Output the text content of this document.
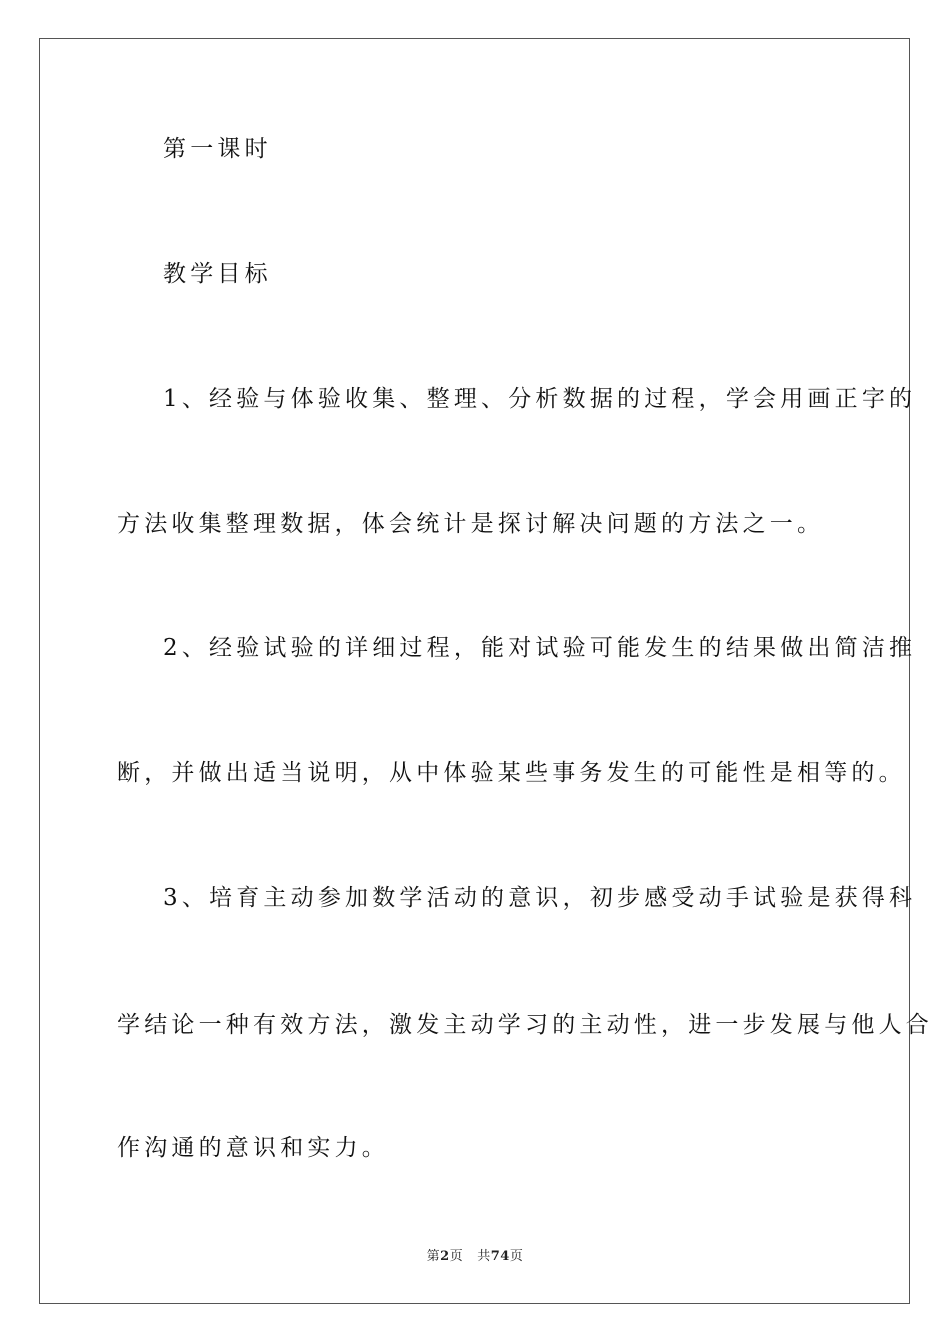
第一课时
教学目标
1、经验与体验收集、整理、分析数据的过程，学会用画正字的
方法收集整理数据，体会统计是探讨解决问题的方法之一。
2、经验试验的详细过程，能对试验可能发生的结果做出简洁推
断，并做出适当说明，从中体验某些事务发生的可能性是相等的。
3、培育主动参加数学活动的意识，初步感受动手试验是获得科
学结论一种有效方法，激发主动学习的主动性，进一步发展与他人合
作沟通的意识和实力。
第2页 共74页
